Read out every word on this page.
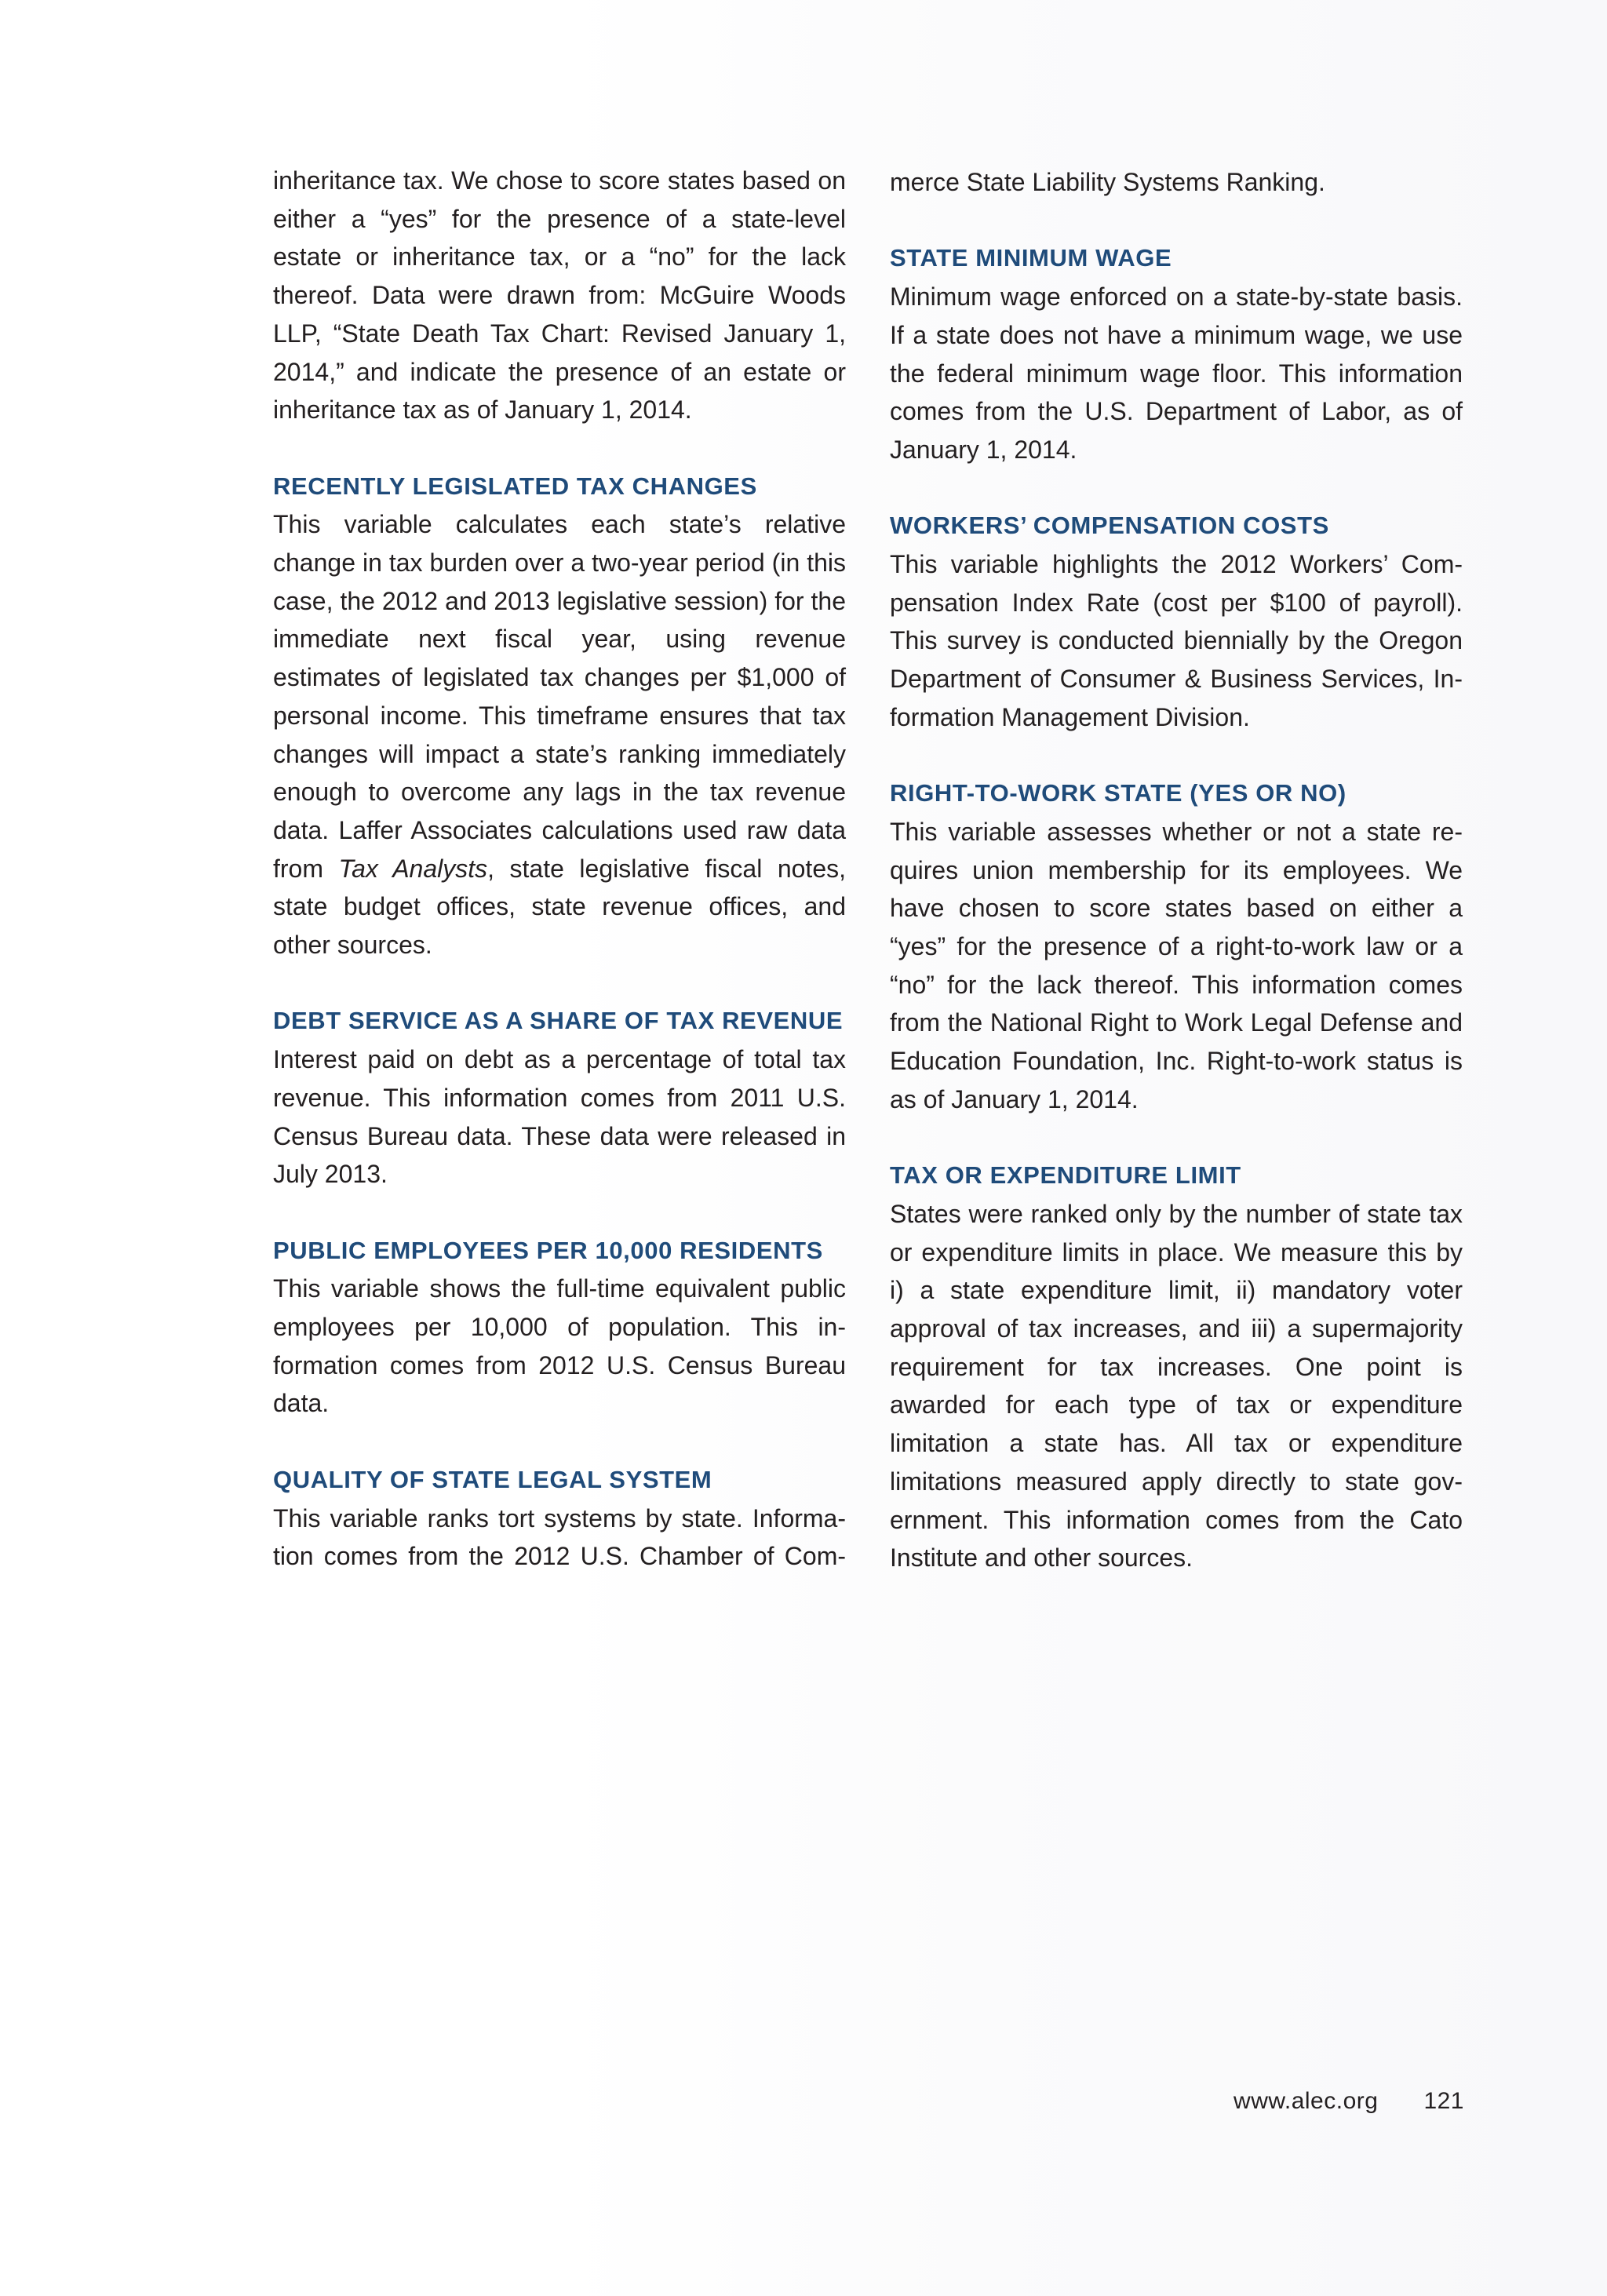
inheritance tax. We chose to score states based on either a “yes” for the presence of a state-level estate or inheritance tax, or a “no” for the lack thereof. Data were drawn from: McGuire Woods LLP, “State Death Tax Chart: Revised January 1, 2014,” and indicate the presence of an estate or inheritance tax as of January 1, 2014.

RECENTLY LEGISLATED TAX CHANGES

This variable calculates each state’s relative change in tax burden over a two-year period (in this case, the 2012 and 2013 legislative session) for the immediate next fiscal year, using revenue estimates of legislated tax changes per $1,000 of personal income. This timeframe ensures that tax changes will impact a state’s ranking immediately enough to overcome any lags in the tax revenue data. Laffer Associates calculations used raw data from Tax Analysts, state legislative fiscal notes, state budget offices, state revenue offices, and other sources.

DEBT SERVICE AS A SHARE OF TAX REVENUE

Interest paid on debt as a percentage of total tax revenue. This information comes from 2011 U.S. Census Bureau data. These data were released in July 2013.

PUBLIC EMPLOYEES PER 10,000 RESIDENTS

This variable shows the full-time equivalent public employees per 10,000 of population. This information comes from 2012 U.S. Census Bureau data.

QUALITY OF STATE LEGAL SYSTEM

This variable ranks tort systems by state. Information comes from the 2012 U.S. Chamber of Com-

merce State Liability Systems Ranking.

STATE MINIMUM WAGE

Minimum wage enforced on a state-by-state basis. If a state does not have a minimum wage, we use the federal minimum wage floor. This information comes from the U.S. Department of Labor, as of January 1, 2014.

WORKERS’ COMPENSATION COSTS

This variable highlights the 2012 Workers’ Compensation Index Rate (cost per $100 of payroll). This survey is conducted biennially by the Oregon Department of Consumer & Business Services, Information Management Division.

RIGHT-TO-WORK STATE (YES OR NO)

This variable assesses whether or not a state requires union membership for its employees. We have chosen to score states based on either a “yes” for the presence of a right-to-work law or a “no” for the lack thereof. This information comes from the National Right to Work Legal Defense and Education Foundation, Inc. Right-to-work status is as of January 1, 2014.

TAX OR EXPENDITURE LIMIT

States were ranked only by the number of state tax or expenditure limits in place. We measure this by i) a state expenditure limit, ii) mandatory voter approval of tax increases, and iii) a supermajority requirement for tax increases. One point is awarded for each type of tax or expenditure limitation a state has. All tax or expenditure limitations measured apply directly to state government. This information comes from the Cato Institute and other sources.

www.alec.org 121
